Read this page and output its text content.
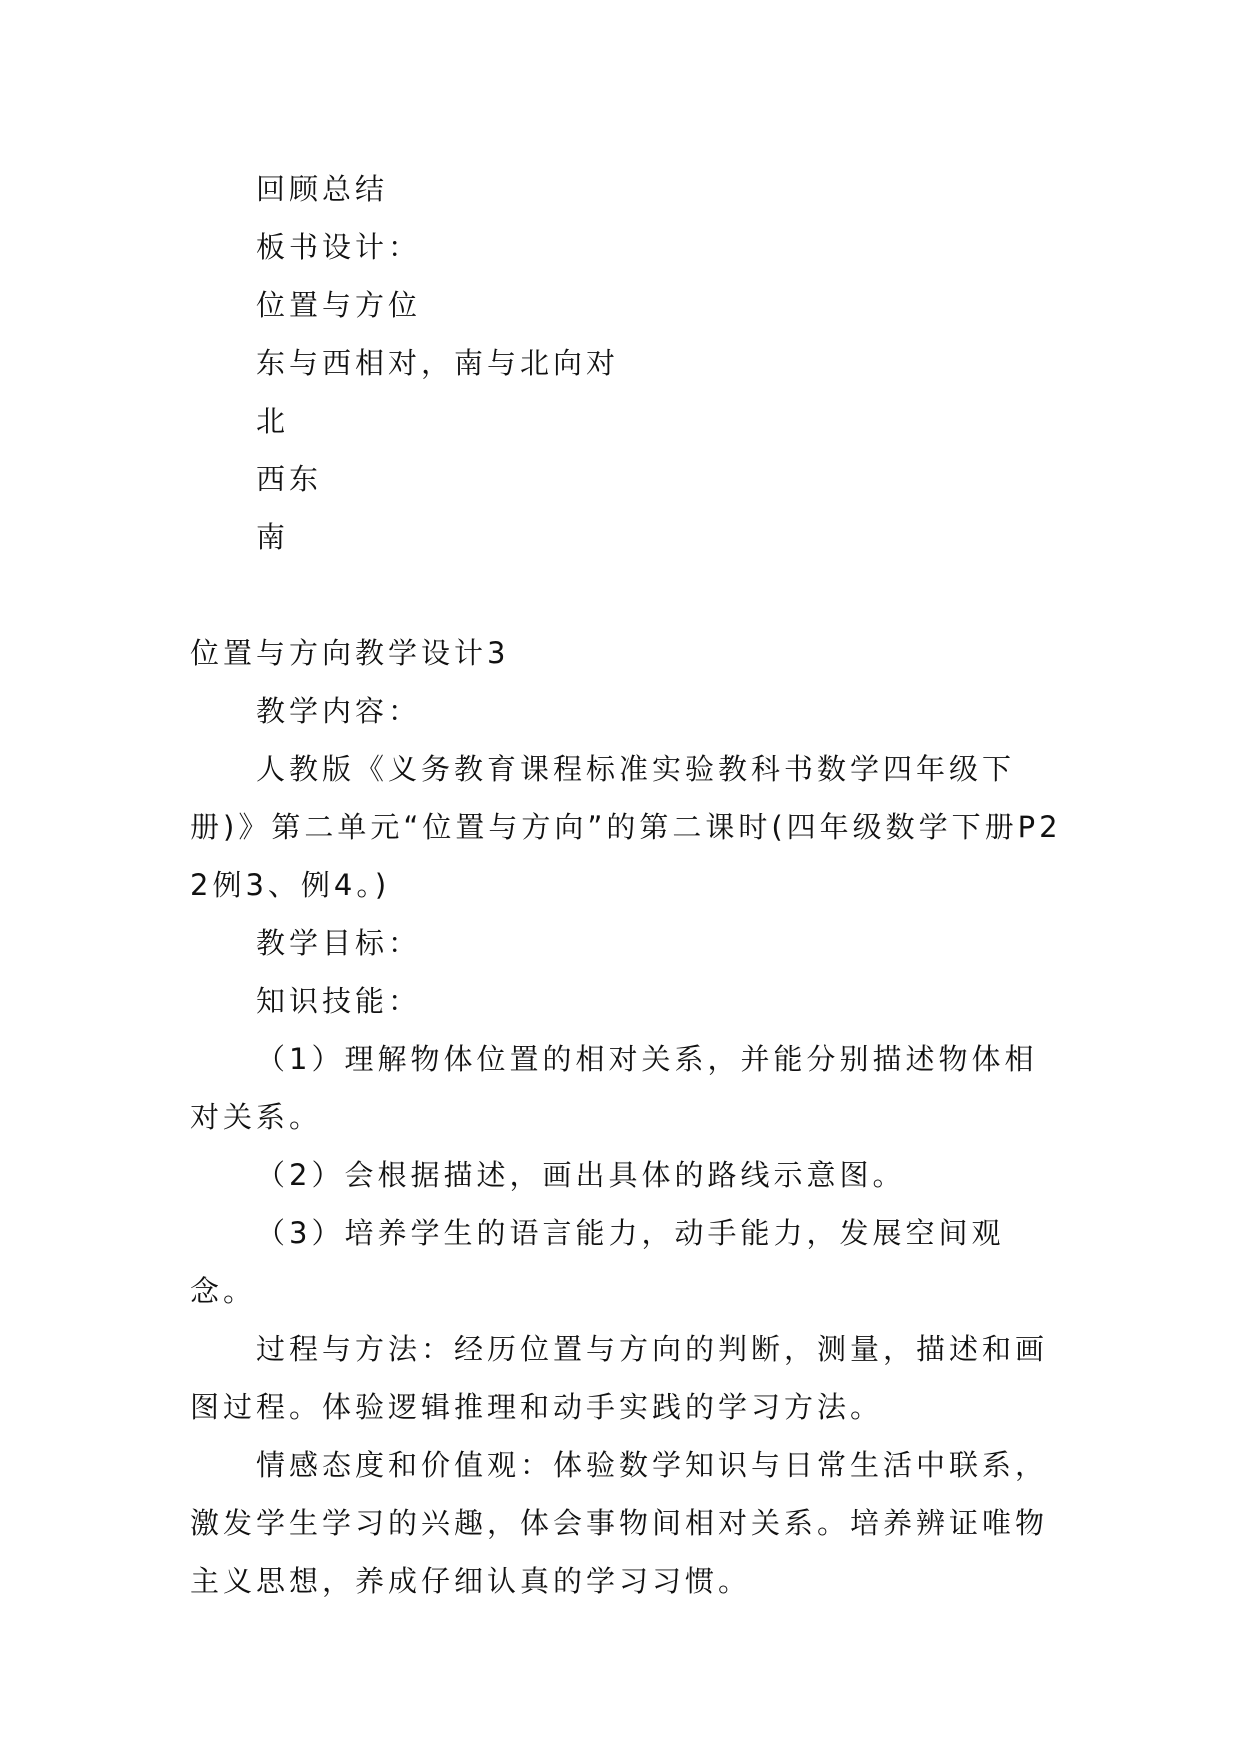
回顾总结

板书设计：

位置与方位

东与西相对，南与北向对

北

西东

南

位置与方向教学设计3

教学内容：

人教版《义务教育课程标准实验教科书数学四年级下册)》第二单元“位置与方向”的第二课时(四年级数学下册P22例3、例4。)

教学目标：

知识技能：

（1）理解物体位置的相对关系，并能分别描述物体相对关系。

（2）会根据描述，画出具体的路线示意图。

（3）培养学生的语言能力，动手能力，发展空间观念。

过程与方法：经历位置与方向的判断，测量，描述和画图过程。体验逻辑推理和动手实践的学习方法。

情感态度和价值观：体验数学知识与日常生活中联系，激发学生学习的兴趣，体会事物间相对关系。培养辨证唯物主义思想，养成仔细认真的学习习惯。
